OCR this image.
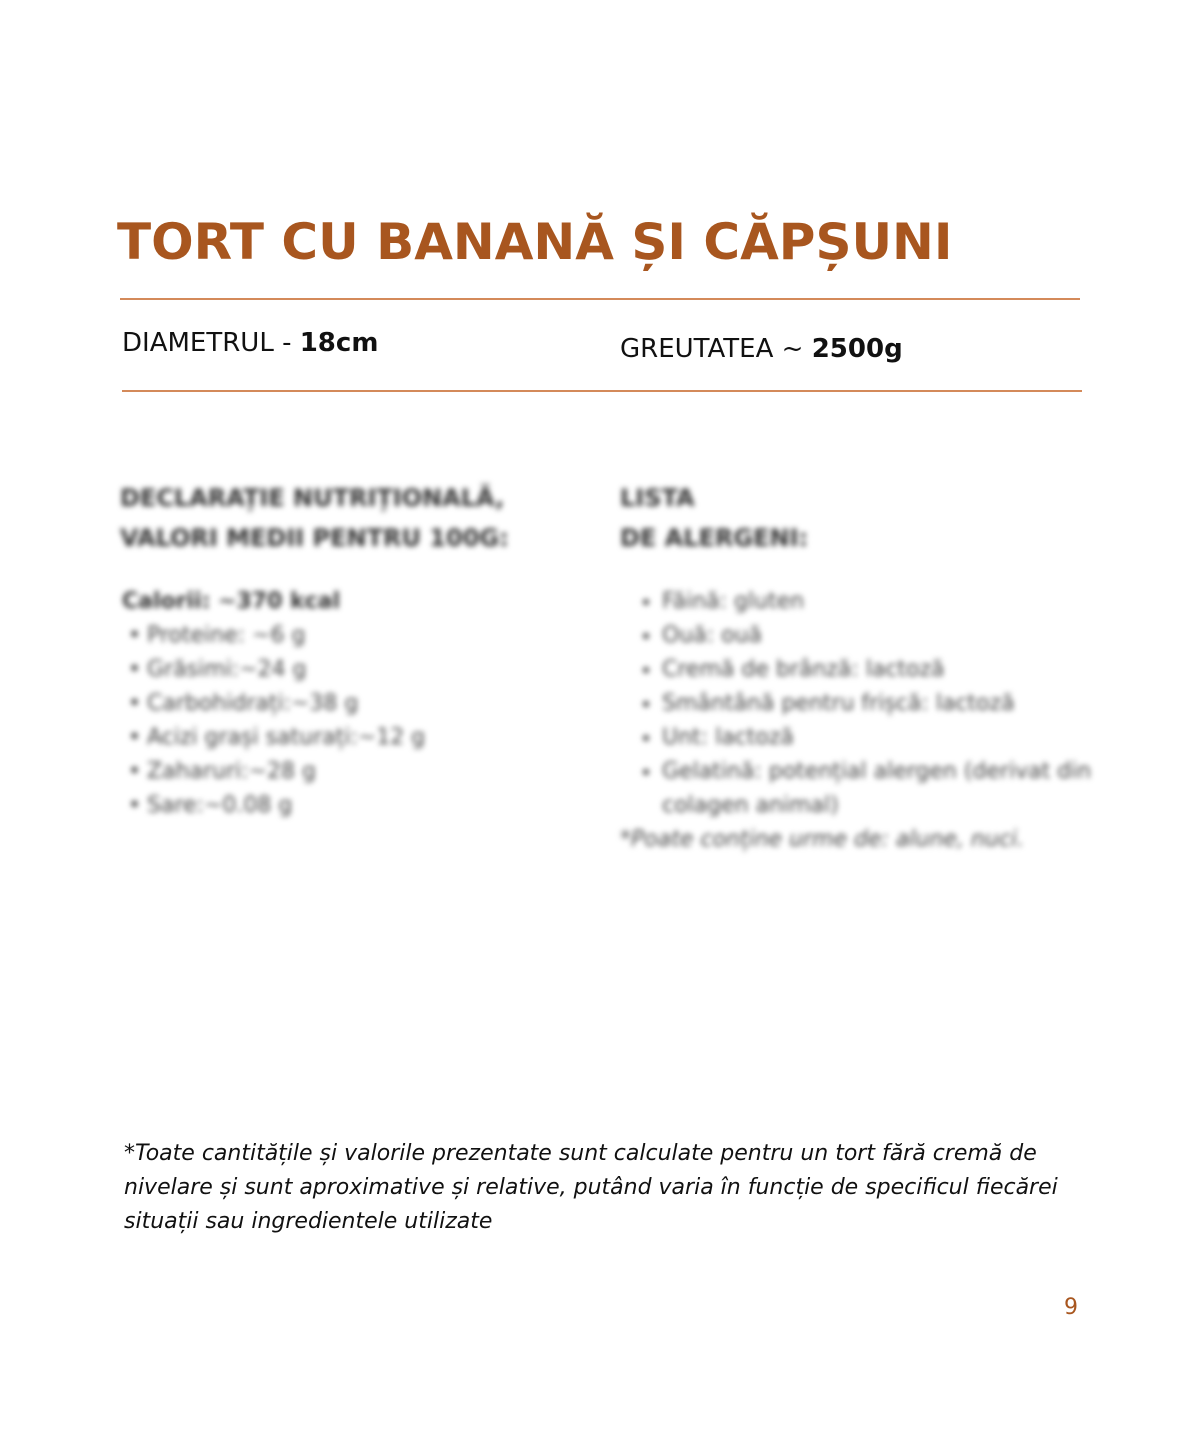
TORT CU BANANĂ ȘI CĂPȘUNI
DIAMETRUL - 18cm	GREUTATEA ~ 2500g
DECLARAȚIE NUTRIȚIONALĂ,
VALORI MEDII PENTRU 100G:
LISTA
DE ALERGENI:
Calorii: ~370 kcal
• Proteine: ~6 g
• Grăsimi:~24 g
• Carbohidrați:~38 g
• Acizi grași saturați:~12 g
• Zaharuri:~28 g
• Sare:~0.08 g
• Făină: gluten
• Ouă: ouă
• Cremă de brânză: lactoză
• Smântână pentru frișcă: lactoză
• Unt: lactoză
• Gelatină: potențial alergen (derivat din colagen animal)
*Poate conține urme de: alune, nuci.

*Toate cantitățile și valorile prezentate sunt calculate pentru un tort fără cremă de nivelare și sunt aproximative și relative, putând varia în funcție de specificul fiecărei situații sau ingredientele utilizate

9
